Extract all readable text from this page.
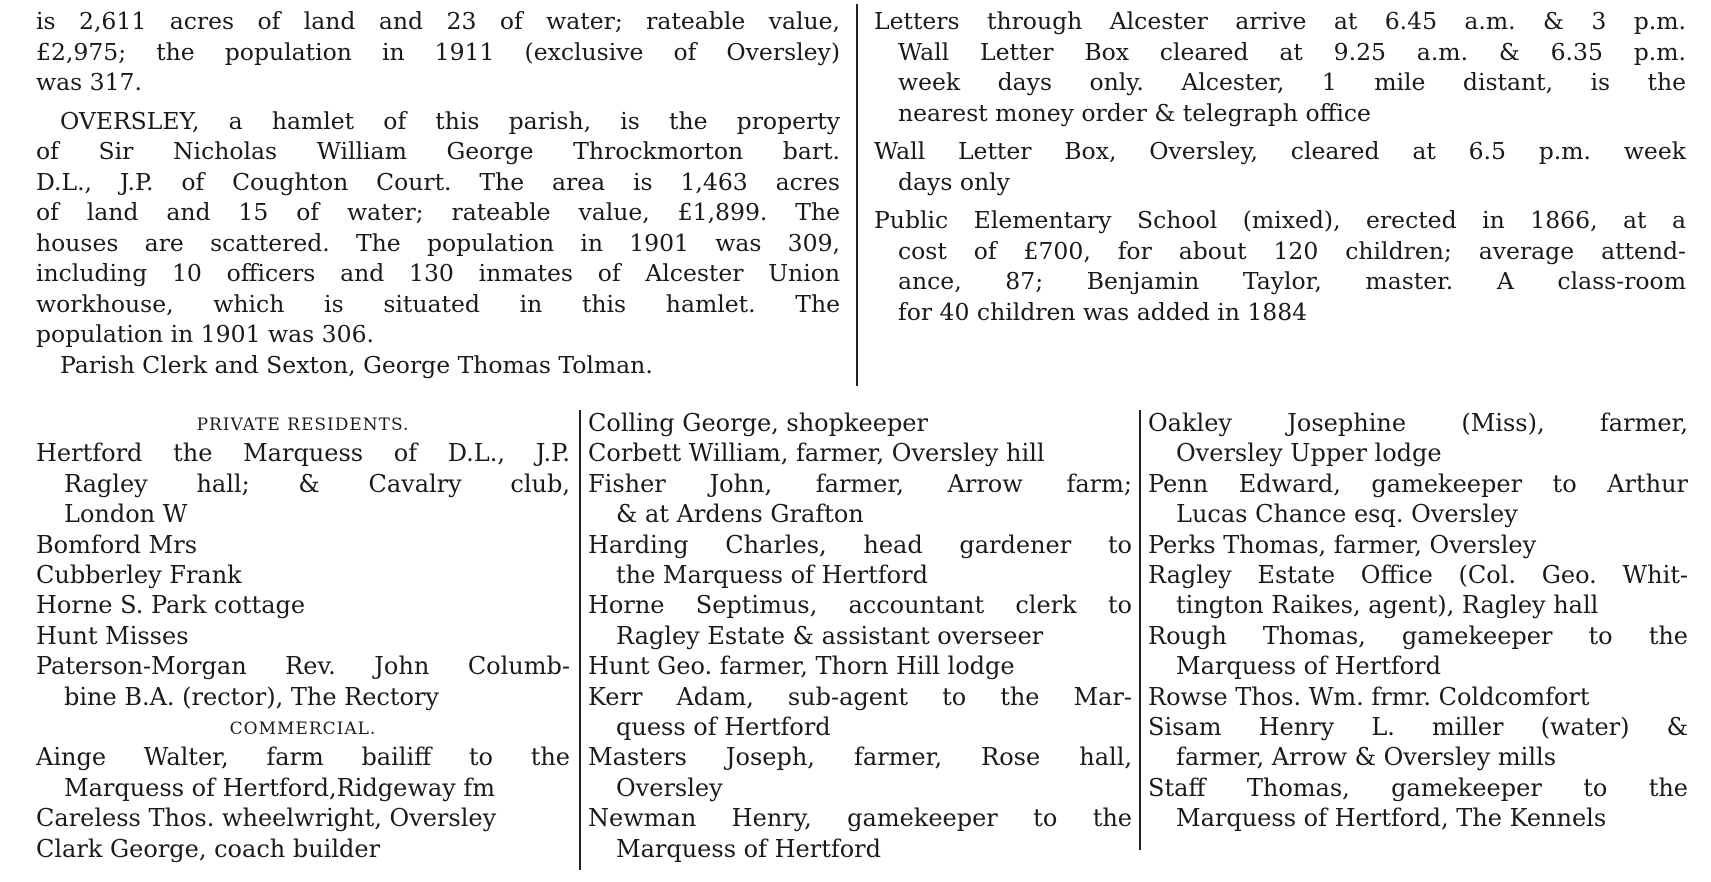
is 2,611 acres of land and 23 of water; rateable value,
£2,975; the population in 1911 (exclusive of Oversley)
was 317.
OVERSLEY, a hamlet of this parish, is the property
of Sir Nicholas William George Throckmorton bart.
D.L., J.P. of Coughton Court. The area is 1,463 acres
of land and 15 of water; rateable value, £1,899. The
houses are scattered. The population in 1901 was 309,
including 10 officers and 130 inmates of Alcester Union
workhouse, which is situated in this hamlet. The
population in 1901 was 306.
Parish Clerk and Sexton, George Thomas Tolman.
Letters through Alcester arrive at 6.45 a.m. & 3 p.m.
Wall Letter Box cleared at 9.25 a.m. & 6.35 p.m.
week days only. Alcester, 1 mile distant, is the
nearest money order & telegraph office
Wall Letter Box, Oversley, cleared at 6.5 p.m. week
days only
Public Elementary School (mixed), erected in 1866, at a
cost of £700, for about 120 children; average attend-
ance, 87; Benjamin Taylor, master. A class-room
for 40 children was added in 1884
PRIVATE RESIDENTS.
Hertford the Marquess of D.L., J.P.
Ragley hall; & Cavalry club,
London W
Bomford Mrs
Cubberley Frank
Horne S. Park cottage
Hunt Misses
Paterson-Morgan Rev. John Columb-
bine B.A. (rector), The Rectory
COMMERCIAL.
Ainge Walter, farm bailiff to the
Marquess of Hertford,Ridgeway fm
Careless Thos. wheelwright, Oversley
Clark George, coach builder
Colling George, shopkeeper
Corbett William, farmer, Oversley hill
Fisher John, farmer, Arrow farm;
& at Ardens Grafton
Harding Charles, head gardener to
the Marquess of Hertford
Horne Septimus, accountant clerk to
Ragley Estate & assistant overseer
Hunt Geo. farmer, Thorn Hill lodge
Kerr Adam, sub-agent to the Mar-
quess of Hertford
Masters Joseph, farmer, Rose hall,
Oversley
Newman Henry, gamekeeper to the
Marquess of Hertford
Oakley Josephine (Miss), farmer,
Oversley Upper lodge
Penn Edward, gamekeeper to Arthur
Lucas Chance esq. Oversley
Perks Thomas, farmer, Oversley
Ragley Estate Office (Col. Geo. Whit-
tington Raikes, agent), Ragley hall
Rough Thomas, gamekeeper to the
Marquess of Hertford
Rowse Thos. Wm. frmr. Coldcomfort
Sisam Henry L. miller (water) &
farmer, Arrow & Oversley mills
Staff Thomas, gamekeeper to the
Marquess of Hertford, The Kennels
